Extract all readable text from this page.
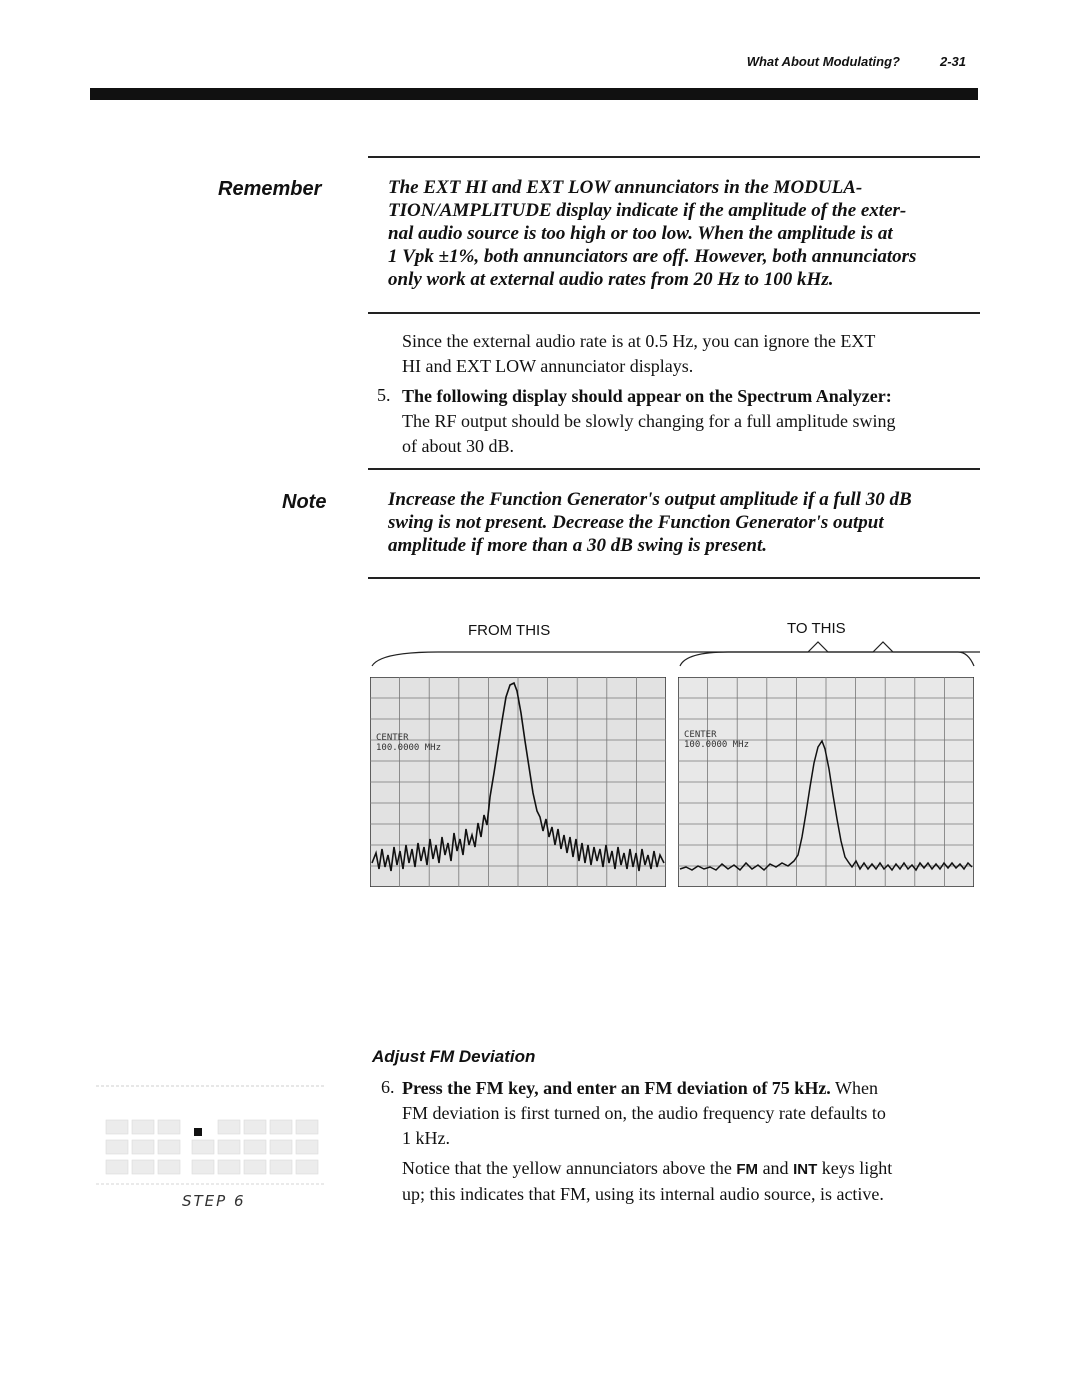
What About Modulating?	2-31
Remember	The EXT HI and EXT LOW annunciators in the MODULA-
TION/AMPLITUDE display indicate if the amplitude of the exter-
nal audio source is too high or too low. When the amplitude is at
1 Vpk ±1%, both annunciators are off. However, both annunciators
only work at external audio rates from 20 Hz to 100 kHz.
Since the external audio rate is at 0.5 Hz, you can ignore the EXT
HI and EXT LOW annunciator displays.
5. The following display should appear on the Spectrum Analyzer:
The RF output should be slowly changing for a full amplitude swing
of about 30 dB.
Note	Increase the Function Generator's output amplitude if a full 30 dB
swing is not present. Decrease the Function Generator's output
amplitude if more than a 30 dB swing is present.
FROM THIS	TO THIS
CENTER
100.0000 MHz
CENTER
100.0000 MHz
Adjust FM Deviation
6. Press the FM key, and enter an FM deviation of 75 kHz. When
FM deviation is first turned on, the audio frequency rate defaults to
1 kHz.
Notice that the yellow annunciators above the FM and INT keys light
up; this indicates that FM, using its internal audio source, is active.
STEP 6
